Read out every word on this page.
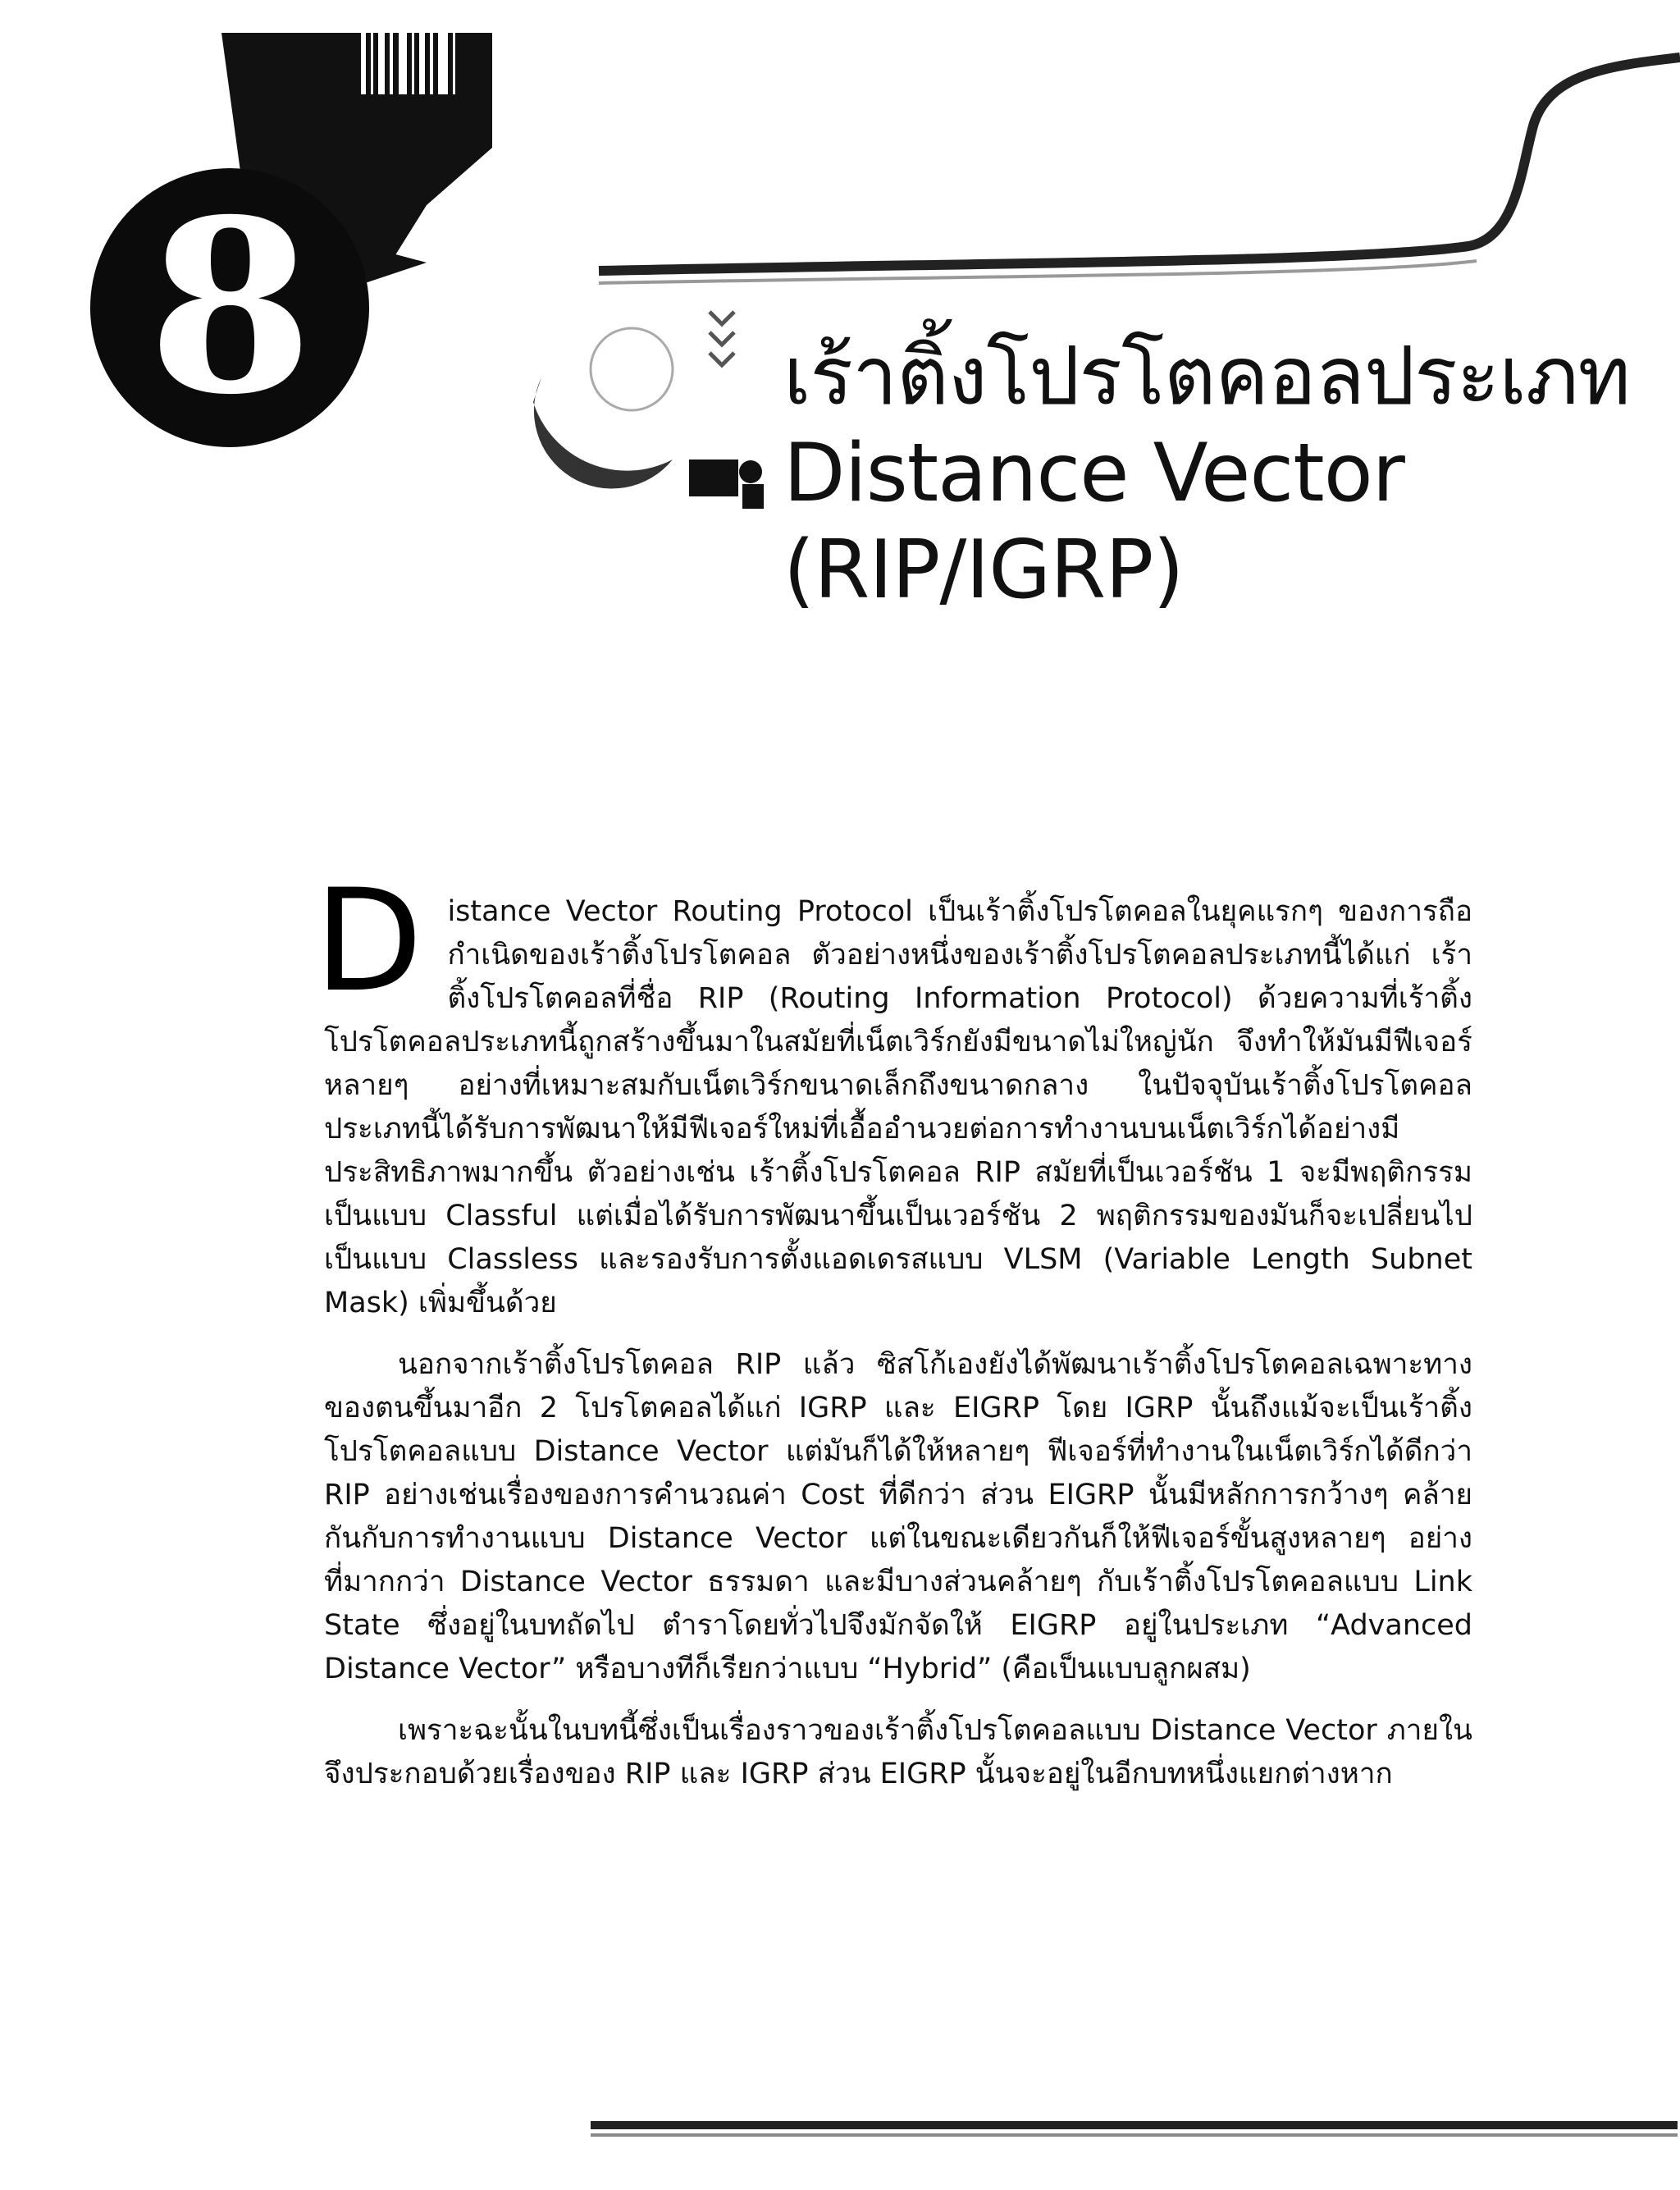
8	เร้าติ้งโปรโตคอลประเภท
Distance Vector
(RIP/IGRP)

Distance Vector Routing Protocol เป็นเร้าติ้งโปรโตคอลในยุคแรกๆ ของการถือกำเนิดของเร้าติ้งโปรโตคอล ตัวอย่างหนึ่งของเร้าติ้งโปรโตคอลประเภทนี้ได้แก่ เร้าติ้งโปรโตคอลที่ชื่อ RIP (Routing Information Protocol) ด้วยความที่เร้าติ้งโปรโตคอลประเภทนี้ถูกสร้างขึ้นมาในสมัยที่เน็ตเวิร์กยังมีขนาดไม่ใหญ่นัก จึงทำให้มันมีฟีเจอร์หลายๆ อย่างที่เหมาะสมกับเน็ตเวิร์กขนาดเล็กถึงขนาดกลาง ในปัจจุบันเร้าติ้งโปรโตคอลประเภทนี้ได้รับการพัฒนาให้มีฟีเจอร์ใหม่ที่เอื้ออำนวยต่อการทำงานบนเน็ตเวิร์กได้อย่างมีประสิทธิภาพมากขึ้น ตัวอย่างเช่น เร้าติ้งโปรโตคอล RIP สมัยที่เป็นเวอร์ชัน 1 จะมีพฤติกรรมเป็นแบบ Classful แต่เมื่อได้รับการพัฒนาขึ้นเป็นเวอร์ชัน 2 พฤติกรรมของมันก็จะเปลี่ยนไปเป็นแบบ Classless และรองรับการตั้งแอดเดรสแบบ VLSM (Variable Length Subnet Mask) เพิ่มขึ้นด้วย

นอกจากเร้าติ้งโปรโตคอล RIP แล้ว ซิสโก้เองยังได้พัฒนาเร้าติ้งโปรโตคอลเฉพาะทางของตนขึ้นมาอีก 2 โปรโตคอลได้แก่ IGRP และ EIGRP โดย IGRP นั้นถึงแม้จะเป็นเร้าติ้งโปรโตคอลแบบ Distance Vector แต่มันก็ได้ให้หลายๆ ฟีเจอร์ที่ทำงานในเน็ตเวิร์กได้ดีกว่า RIP อย่างเช่นเรื่องของการคำนวณค่า Cost ที่ดีกว่า ส่วน EIGRP นั้นมีหลักการกว้างๆ คล้ายกันกับการทำงานแบบ Distance Vector แต่ในขณะเดียวกันก็ให้ฟีเจอร์ขั้นสูงหลายๆ อย่างที่มากกว่า Distance Vector ธรรมดา และมีบางส่วนคล้ายๆ กับเร้าติ้งโปรโตคอลแบบ Link State ซึ่งอยู่ในบทถัดไป ตำราโดยทั่วไปจึงมักจัดให้ EIGRP อยู่ในประเภท “Advanced Distance Vector” หรือบางทีก็เรียกว่าแบบ “Hybrid” (คือเป็นแบบลูกผสม)

เพราะฉะนั้นในบทนี้ซึ่งเป็นเรื่องราวของเร้าติ้งโปรโตคอลแบบ Distance Vector ภายในจึงประกอบด้วยเรื่องของ RIP และ IGRP ส่วน EIGRP นั้นจะอยู่ในอีกบทหนึ่งแยกต่างหาก
